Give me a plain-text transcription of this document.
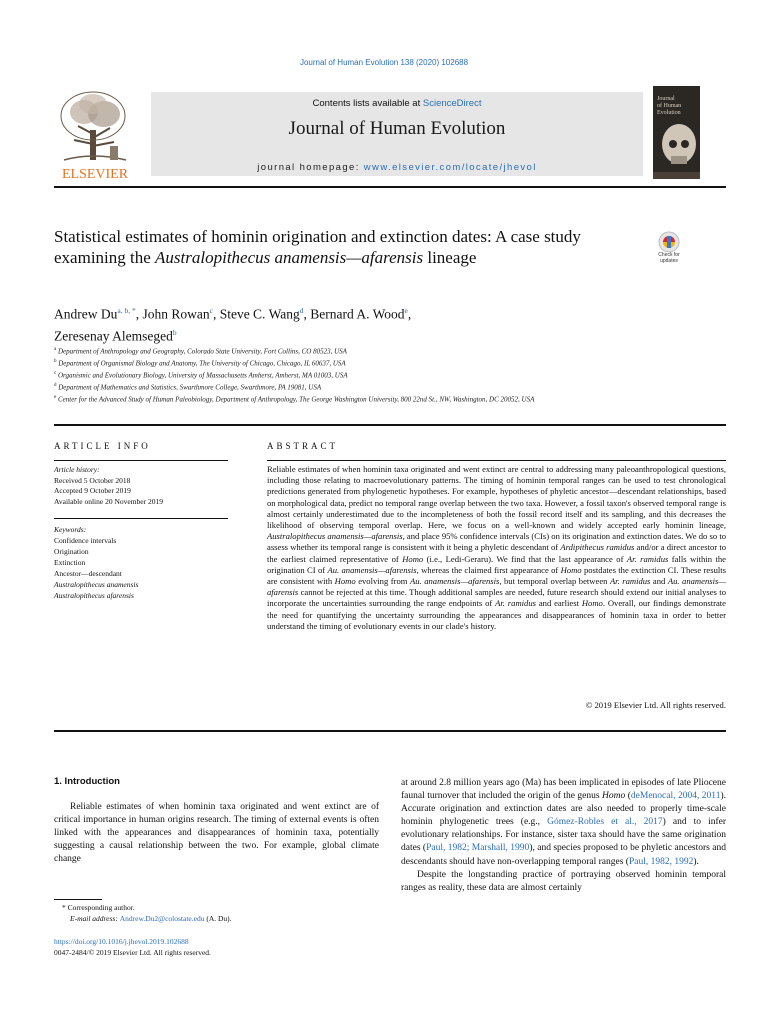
Journal of Human Evolution 138 (2020) 102688
ELSEVIER
Contents lists available at ScienceDirect
Journal of Human Evolution
journal homepage: www.elsevier.com/locate/jhevol
Journal
of Human
Evolution
Statistical estimates of hominin origination and extinction dates: A case study examining the Australopithecus anamensis—afarensis lineage	Check for
updates
Andrew $Du^{a, b, *}$, John Rowan$^c$, Steve C. Wang$^d$, Bernard A. Wood$^e$,
Zeresenay Alemseged$^b$
$^a$ Department of Anthropology and Geography, Colorado State University, Fort Collins, CO 80523, USA
$^b$ Department of Organismal Biology and Anatomy, The University of Chicago, Chicago, IL 60637, USA
$^c$ Organismic and Evolutionary Biology, University of Massachusetts Amherst, Amherst, MA 01003, USA
$^d$ Department of Mathematics and Statistics, Swarthmore College, Swarthmore, PA 19081, USA
$^e$ Center for the Advanced Study of Human Paleobiology, Department of Anthropology, The George Washington University, 800 22nd St., NW, Washington, DC 20052, USA
ARTICLE INFO	ABSTRACT
Article history:
Received 5 October 2018
Accepted 9 October 2019
Available online 20 November 2019
Keywords:
Confidence intervals
Origination
Extinction
Ancestor—descendant
Australopithecus anamensis
Australopithecus afarensis
Reliable estimates of when hominin taxa originated and went extinct are central to addressing many paleoanthropological questions, including those relating to macroevolutionary patterns. The timing of hominin temporal ranges can be used to test chronological predictions generated from phylogenetic hypotheses. For example, hypotheses of phyletic ancestor—descendant relationships, based on morphological data, predict no temporal range overlap between the two taxa. However, a fossil taxon's observed temporal range is almost certainly underestimated due to the incompleteness of both the fossil record itself and its sampling, and this decreases the likelihood of observing temporal overlap. Here, we focus on a well-known and widely accepted early hominin lineage, Australopithecus anamensis—afarensis, and place 95% confidence intervals (CIs) on its origination and extinction dates. We do so to assess whether its temporal range is consistent with it being a phyletic descendant of Ardipithecus ramidus and/or a direct ancestor to the earliest claimed representative of Homo (i.e., Ledi-Geraru). We find that the last appearance of Ar. ramidus falls within the origination CI of Au. anamensis—afarensis, whereas the claimed first appearance of Homo postdates the extinction CI. These results are consistent with Homo evolving from Au. anamensis—afarensis, but temporal overlap between Ar. ramidus and Au. anamensis—afarensis cannot be rejected at this time. Though additional samples are needed, future research should extend our initial analyses to incorporate the uncertainties surrounding the range endpoints of Ar. ramidus and earliest Homo. Overall, our findings demonstrate the need for quantifying the uncertainty surrounding the appearances and disappearances of hominin taxa in order to better understand the timing of evolutionary events in our clade's history.
© 2019 Elsevier Ltd. All rights reserved.
1. Introduction
Reliable estimates of when hominin taxa originated and went extinct are of critical importance in human origins research. The timing of external events is often linked with the appearances and disappearances of hominin taxa, potentially suggesting a causal relationship between the two. For example, global climate change
at around 2.8 million years ago (Ma) has been implicated in episodes of late Pliocene faunal turnover that included the origin of the genus Homo (deMenocal, 2004, 2011). Accurate origination and extinction dates are also needed to properly time-scale hominin phylogenetic trees (e.g., Gómez-Robles et al., 2017) and to infer evolutionary relationships. For instance, sister taxa should have the same origination dates (Paul, 1982; Marshall, 1990), and species proposed to be phyletic ancestors and descendants should have non-overlapping temporal ranges (Paul, 1982, 1992).
Despite the longstanding practice of portraying observed hominin temporal ranges as reality, these data are almost certainly
* Corresponding author.
E-mail address: Andrew.Du2@colostate.edu (A. Du).
https://doi.org/10.1016/j.jhevol.2019.102688
0047-2484/© 2019 Elsevier Ltd. All rights reserved.
